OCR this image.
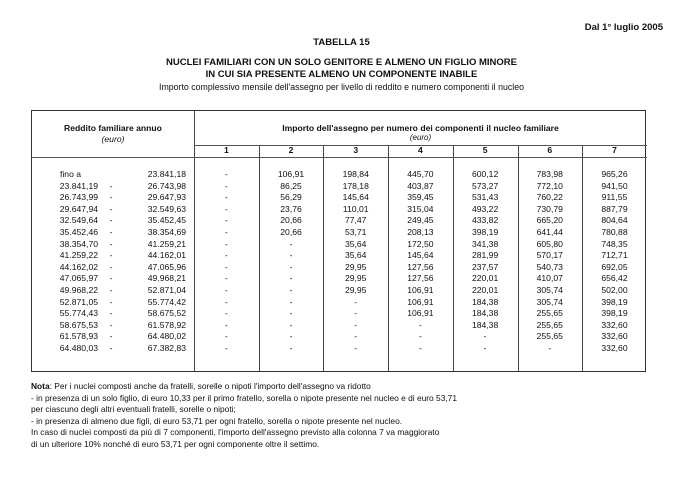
Dal 1° luglio 2005
TABELLA 15
NUCLEI FAMILIARI CON UN SOLO GENITORE E ALMENO UN FIGLIO MINORE
IN CUI SIA PRESENTE ALMENO UN COMPONENTE INABILE
Importo complessivo mensile dell'assegno per livello di reddito e numero componenti il nucleo
Reddito familiare annuo
(euro)
Importo dell'assegno per numero dei componenti il nucleo familiare
(euro)
1	2	3	4	5	6	7
fino a	23.841,18	-	106,91	198,84	445,70	600,12	783,98	965,26
23.841,19	-	26.743,98	-	86,25	178,18	403,87	573,27	772,10	941,50
26.743,99	-	29.647,93	-	56,29	145,64	359,45	531,43	760,22	911,55
29.647,94	-	32.549,63	-	23,76	110,01	315,04	493,22	730,79	887,79
32.549,64	-	35.452,45	-	20,66	77,47	249,45	433,82	665,20	804,64
35.452,46	-	38.354,69	-	20,66	53,71	208,13	398,19	641,44	780,88
38.354,70	-	41.259,21	-	-	35,64	172,50	341,38	605,80	748,35
41.259,22	-	44.162,01	-	-	35,64	145,64	281,99	570,17	712,71
44.162,02	-	47.065,96	-	-	29,95	127,56	237,57	540,73	692,05
47.065,97	-	49.968,21	-	-	29,95	127,56	220,01	410,07	656,42
49.968,22	-	52.871,04	-	-	29,95	106,91	220,01	305,74	502,00
52.871,05	-	55.774,42	-	-	-	106,91	184,38	305,74	398,19
55.774,43	-	58.675,52	-	-	-	106,91	184,38	255,65	398,19
58.675,53	-	61.578,92	-	-	-	-	184,38	255,65	332,60
61.578,93	-	64.480,02	-	-	-	-	-	255,65	332,60
64.480,03	-	67.382,83	-	-	-	-	-	-	332,60
Nota: Per i nuclei composti anche da fratelli, sorelle o nipoti l'importo dell'assegno va ridotto
- in presenza di un solo figlio, di euro 10,33 per il primo fratello, sorella o nipote presente nel nucleo e di euro 53,71
per ciascuno degli altri eventuali fratelli, sorelle o nipoti;
- in presenza di almeno due figli, di euro 53,71 per ogni fratello, sorella o nipote presente nel nucleo.
In caso di nuclei composti da più di 7 componenti, l'importo dell'assegno previsto alla colonna 7 va maggiorato
di un ulteriore 10% nonché di euro 53,71 per ogni componente oltre il settimo.
